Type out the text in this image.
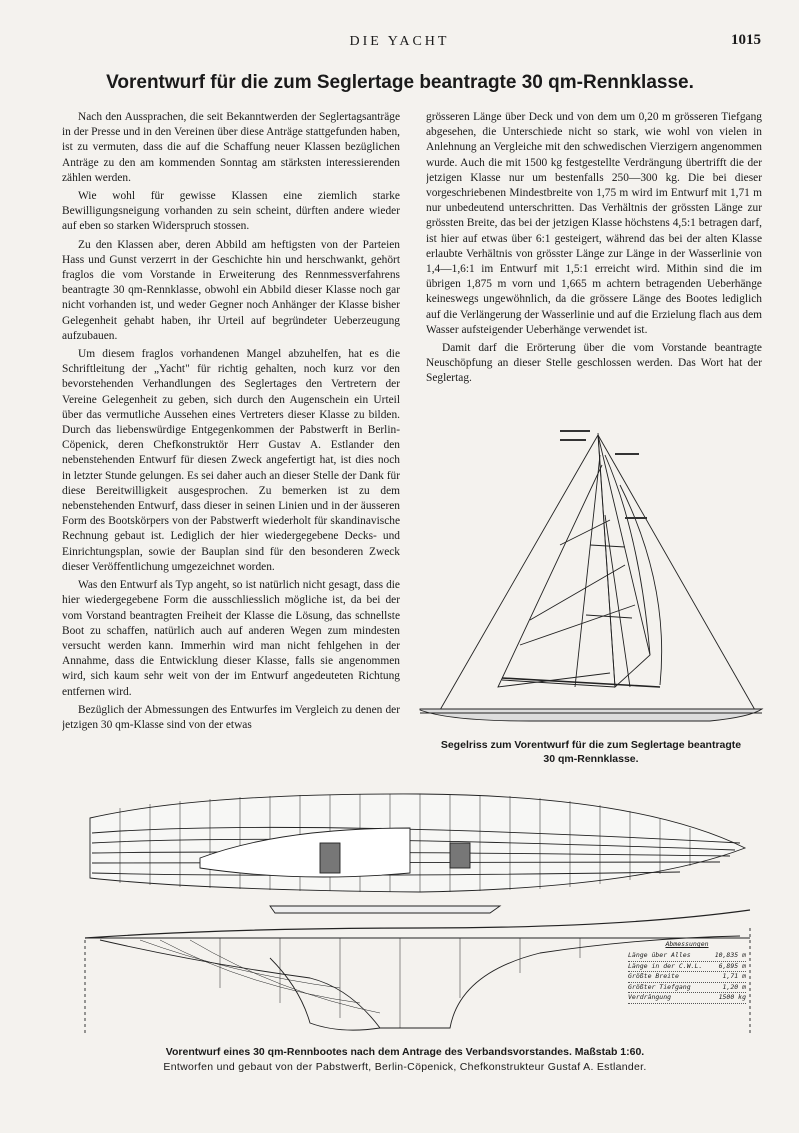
DIE YACHT	1015
Vorentwurf für die zum Seglertage beantragte 30 qm-Rennklasse.

Nach den Aussprachen, die seit Bekanntwerden der Seglertagsanträge in der Presse und in den Vereinen über diese Anträge stattgefunden haben, ist zu vermuten, dass die auf die Schaffung neuer Klassen bezüglichen Anträge zu den am kommenden Sonntag am stärksten interessierenden zählen werden.

Wie wohl für gewisse Klassen eine ziemlich starke Bewilligungsneigung vorhanden zu sein scheint, dürften andere wieder auf eben so starken Widerspruch stossen.

Zu den Klassen aber, deren Abbild am heftigsten von der Parteien Hass und Gunst verzerrt in der Geschichte hin und herschwankt, gehört fraglos die vom Vorstande in Erweiterung des Rennmessverfahrens beantragte 30 qm-Rennklasse, obwohl ein Abbild dieser Klasse noch gar nicht vorhanden ist, und weder Gegner noch Anhänger der Klasse bisher Gelegenheit gehabt haben, ihr Urteil auf begründeter Ueberzeugung aufzubauen.

Um diesem fraglos vorhandenen Mangel abzuhelfen, hat es die Schriftleitung der „Yacht" für richtig gehalten, noch kurz vor den bevorstehenden Verhandlungen des Seglertages den Vertretern der Vereine Gelegenheit zu geben, sich durch den Augenschein ein Urteil über das vermutliche Aussehen eines Vertreters dieser Klasse zu bilden. Durch das liebenswürdige Entgegenkommen der Pabstwerft in Berlin-Cöpenick, deren Chefkonstruktör Herr Gustav A. Estlander den nebenstehenden Entwurf für diesen Zweck angefertigt hat, ist dies noch in letzter Stunde gelungen. Es sei daher auch an dieser Stelle der Dank für diese Bereitwilligkeit ausgesprochen. Zu bemerken ist zu dem nebenstehenden Entwurf, dass dieser in seinen Linien und in der äusseren Form des Bootskörpers von der Pabstwerft wiederholt für skandinavische Rechnung gebaut ist. Lediglich der hier wiedergegebene Decks- und Einrichtungsplan, sowie der Bauplan sind für den besonderen Zweck dieser Veröffentlichung umgezeichnet worden.

Was den Entwurf als Typ angeht, so ist natürlich nicht gesagt, dass die hier wiedergegebene Form die ausschliesslich mögliche ist, da bei der vom Vorstand beantragten Freiheit der Klasse die Lösung, das schnellste Boot zu schaffen, natürlich auch auf anderen Wegen zum mindesten versucht werden kann. Immerhin wird man nicht fehlgehen in der Annahme, dass die Entwicklung dieser Klasse, falls sie angenommen wird, sich kaum sehr weit von der im Entwurf angedeuteten Richtung entfernen wird.

Bezüglich der Abmessungen des Entwurfes im Vergleich zu denen der jetzigen 30 qm-Klasse sind von der etwas

grösseren Länge über Deck und von dem um 0,20 m grösseren Tiefgang abgesehen, die Unterschiede nicht so stark, wie wohl von vielen in Anlehnung an Vergleiche mit den schwedischen Vierzigern angenommen wurde. Auch die mit 1500 kg festgestellte Verdrängung übertrifft die der jetzigen Klasse nur um bestenfalls 250—300 kg. Die bei dieser vorgeschriebenen Mindestbreite von 1,75 m wird im Entwurf mit 1,71 m nur unbedeutend unterschritten. Das Verhältnis der grössten Länge zur grössten Breite, das bei der jetzigen Klasse höchstens 4,5:1 betragen darf, ist hier auf etwas über 6:1 gesteigert, während das bei der alten Klasse erlaubte Verhältnis von grösster Länge zur Länge in der Wasserlinie von 1,4—1,6:1 im Entwurf mit 1,5:1 erreicht wird. Mithin sind die im übrigen 1,875 m vorn und 1,665 m achtern betragenden Ueberhänge keineswegs ungewöhnlich, da die grössere Länge des Bootes lediglich auf die Verlängerung der Wasserlinie und auf die Erzielung flach aus dem Wasser aufsteigender Ueberhänge verwendet ist.

Damit darf die Erörterung über die vom Vorstande beantragte Neuschöpfung an dieser Stelle geschlossen werden. Das Wort hat der Seglertag.

Segelriss zum Vorentwurf für die zum Seglertage beantragte
30 qm-Rennklasse.
Abmessungen
Länge über Alles	10,835 m
Länge in der C.W.L. 6,895 m
Größte Breite	1,71 m
Größter Tiefgang	1,20 m
Verdrängung	1500 kg
Vorentwurf eines 30 qm-Rennbootes nach dem Antrage des Verbandsvorstandes. Maßstab 1:60.
Entworfen und gebaut von der Pabstwerft, Berlin-Cöpenick, Chefkonstrukteur Gustaf A. Estlander.
